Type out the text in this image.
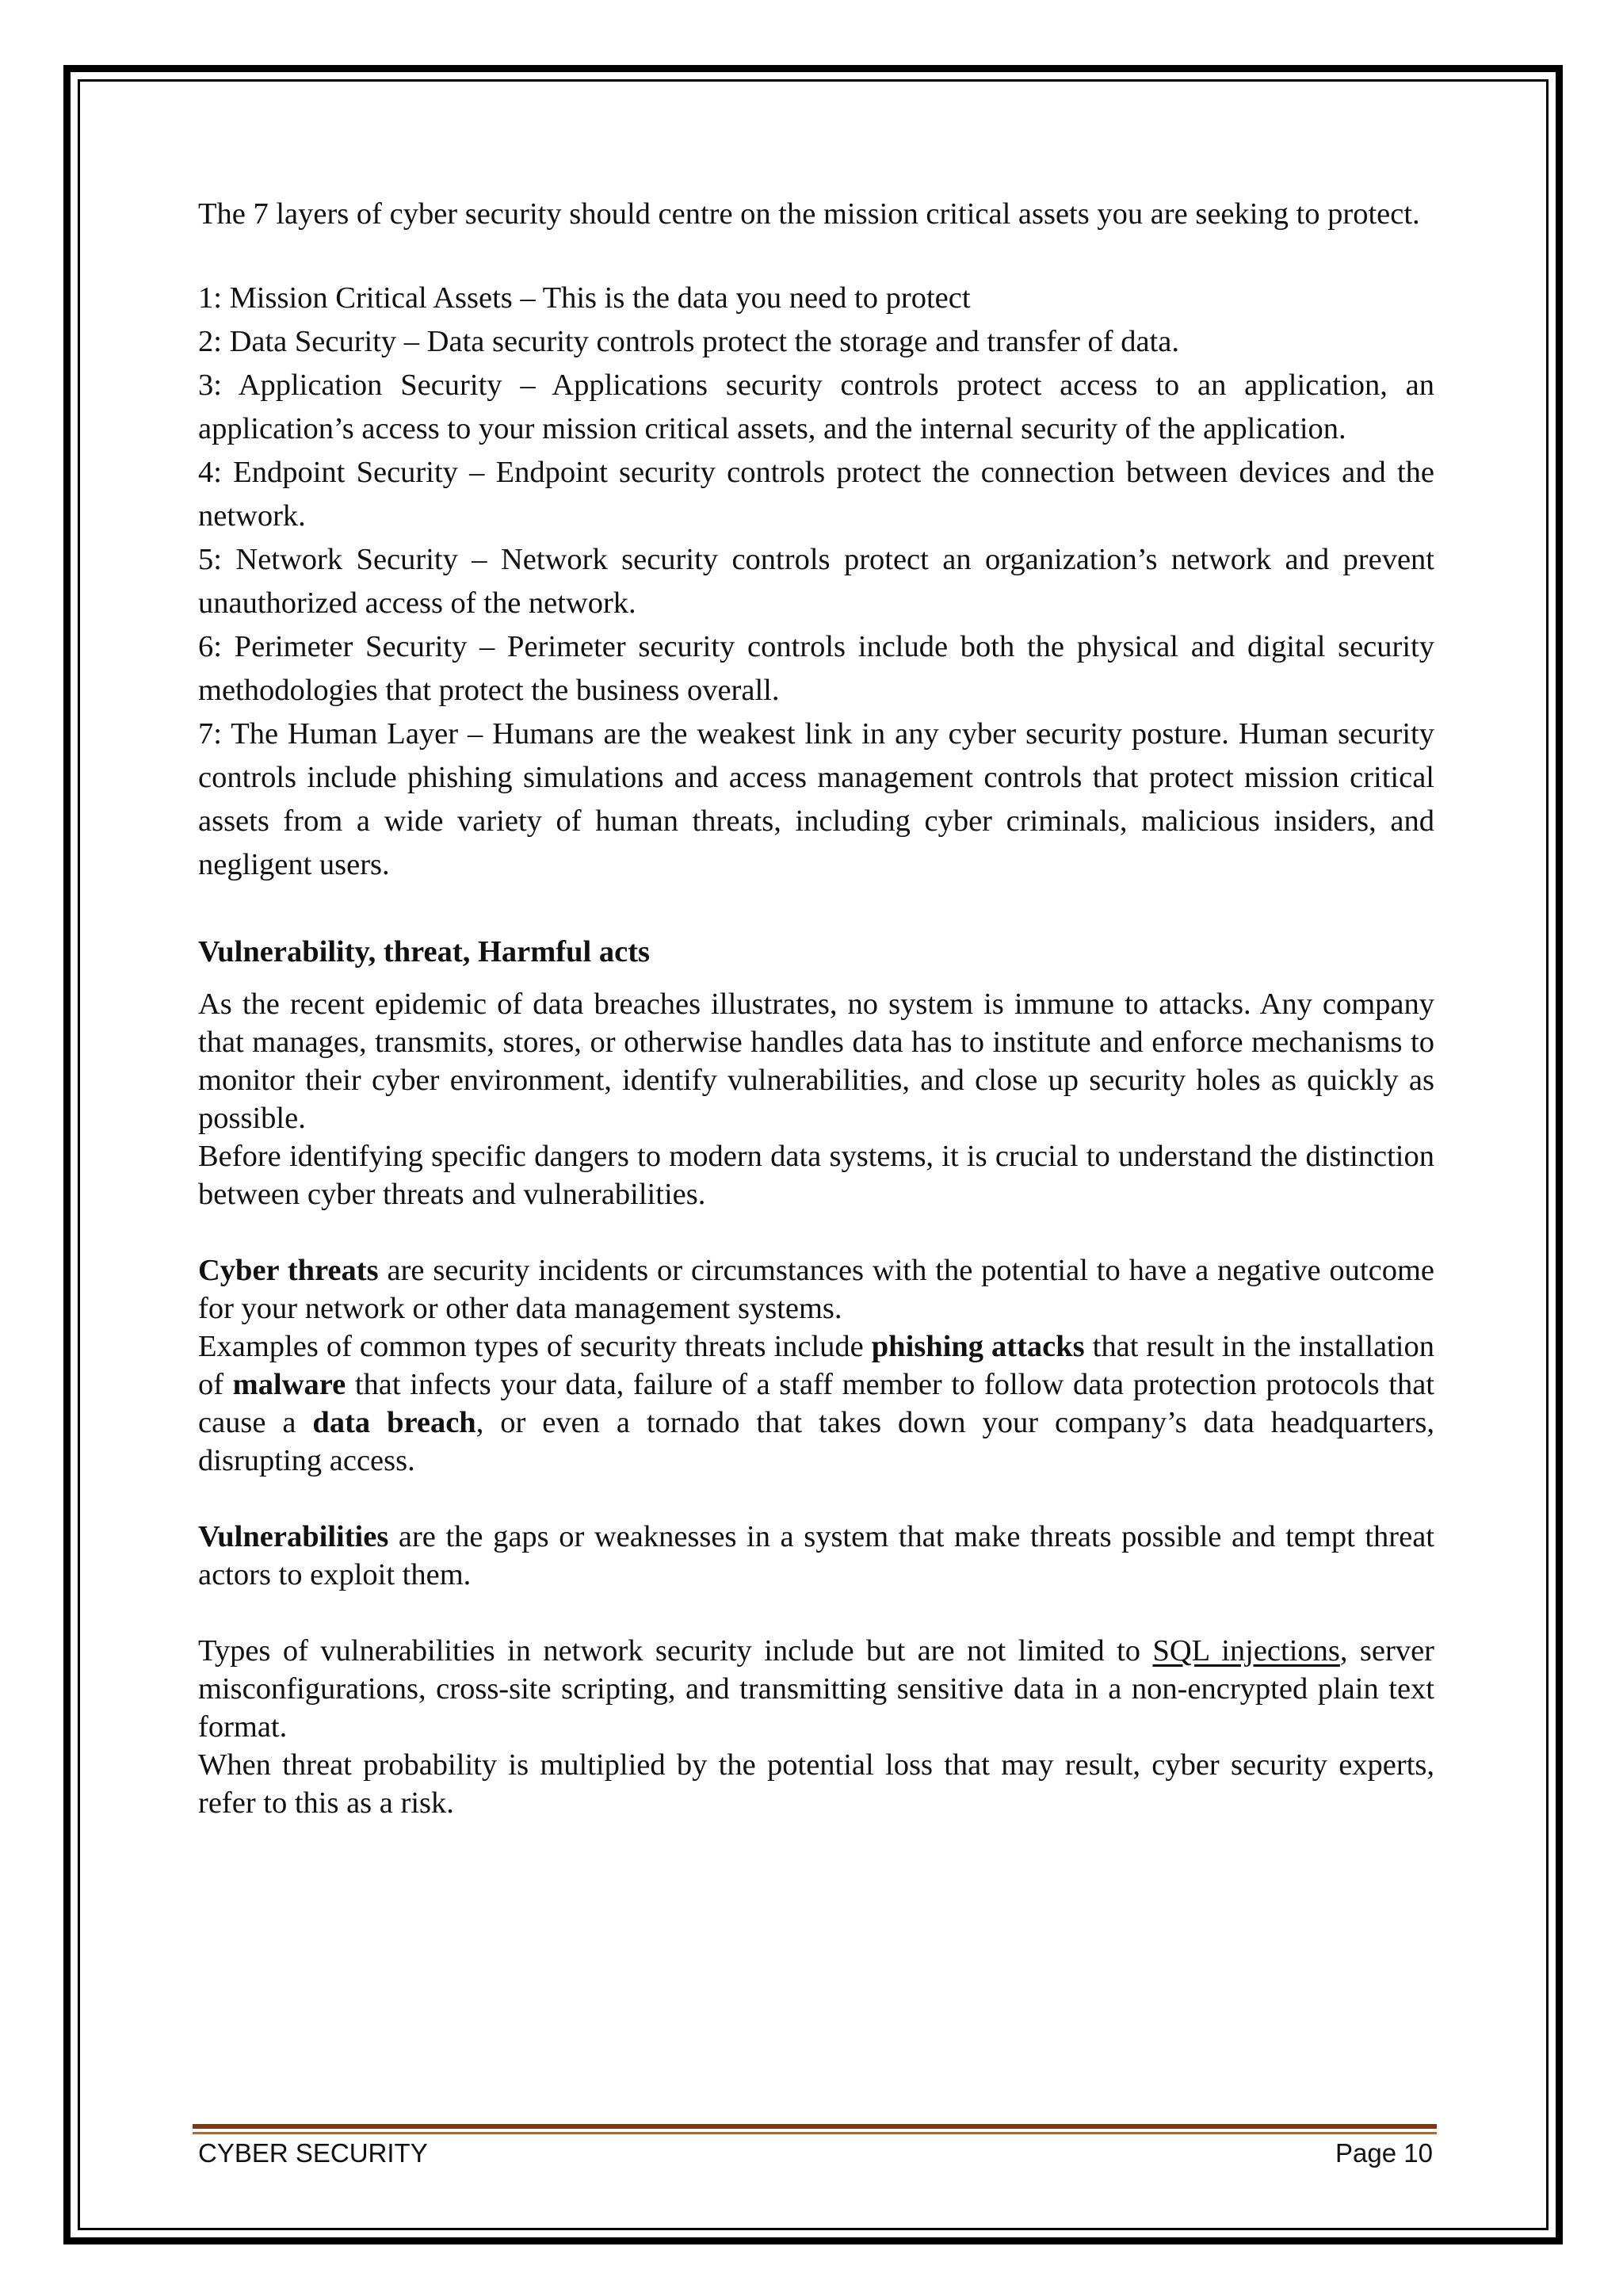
The 7 layers of cyber security should centre on the mission critical assets you are seeking to protect.

1: Mission Critical Assets – This is the data you need to protect

2: Data Security – Data security controls protect the storage and transfer of data.

3: Application Security – Applications security controls protect access to an application, an application’s access to your mission critical assets, and the internal security of the application.

4: Endpoint Security – Endpoint security controls protect the connection between devices and the network.

5: Network Security – Network security controls protect an organization’s network and prevent unauthorized access of the network.

6: Perimeter Security – Perimeter security controls include both the physical and digital security methodologies that protect the business overall.

7: The Human Layer – Humans are the weakest link in any cyber security posture. Human security controls include phishing simulations and access management controls that protect mission critical assets from a wide variety of human threats, including cyber criminals, malicious insiders, and negligent users.

Vulnerability, threat, Harmful acts

As the recent epidemic of data breaches illustrates, no system is immune to attacks. Any company that manages, transmits, stores, or otherwise handles data has to institute and enforce mechanisms to monitor their cyber environment, identify vulnerabilities, and close up security holes as quickly as possible.

Before identifying specific dangers to modern data systems, it is crucial to understand the distinction between cyber threats and vulnerabilities.

Cyber threats are security incidents or circumstances with the potential to have a negative outcome for your network or other data management systems.

Examples of common types of security threats include phishing attacks that result in the installation of malware that infects your data, failure of a staff member to follow data protection protocols that cause a data breach, or even a tornado that takes down your company’s data headquarters, disrupting access.

Vulnerabilities are the gaps or weaknesses in a system that make threats possible and tempt threat actors to exploit them.

Types of vulnerabilities in network security include but are not limited to SQL injections, server misconfigurations, cross-site scripting, and transmitting sensitive data in a non-encrypted plain text format.

When threat probability is multiplied by the potential loss that may result, cyber security experts, refer to this as a risk.

CYBER SECURITY	Page 10
